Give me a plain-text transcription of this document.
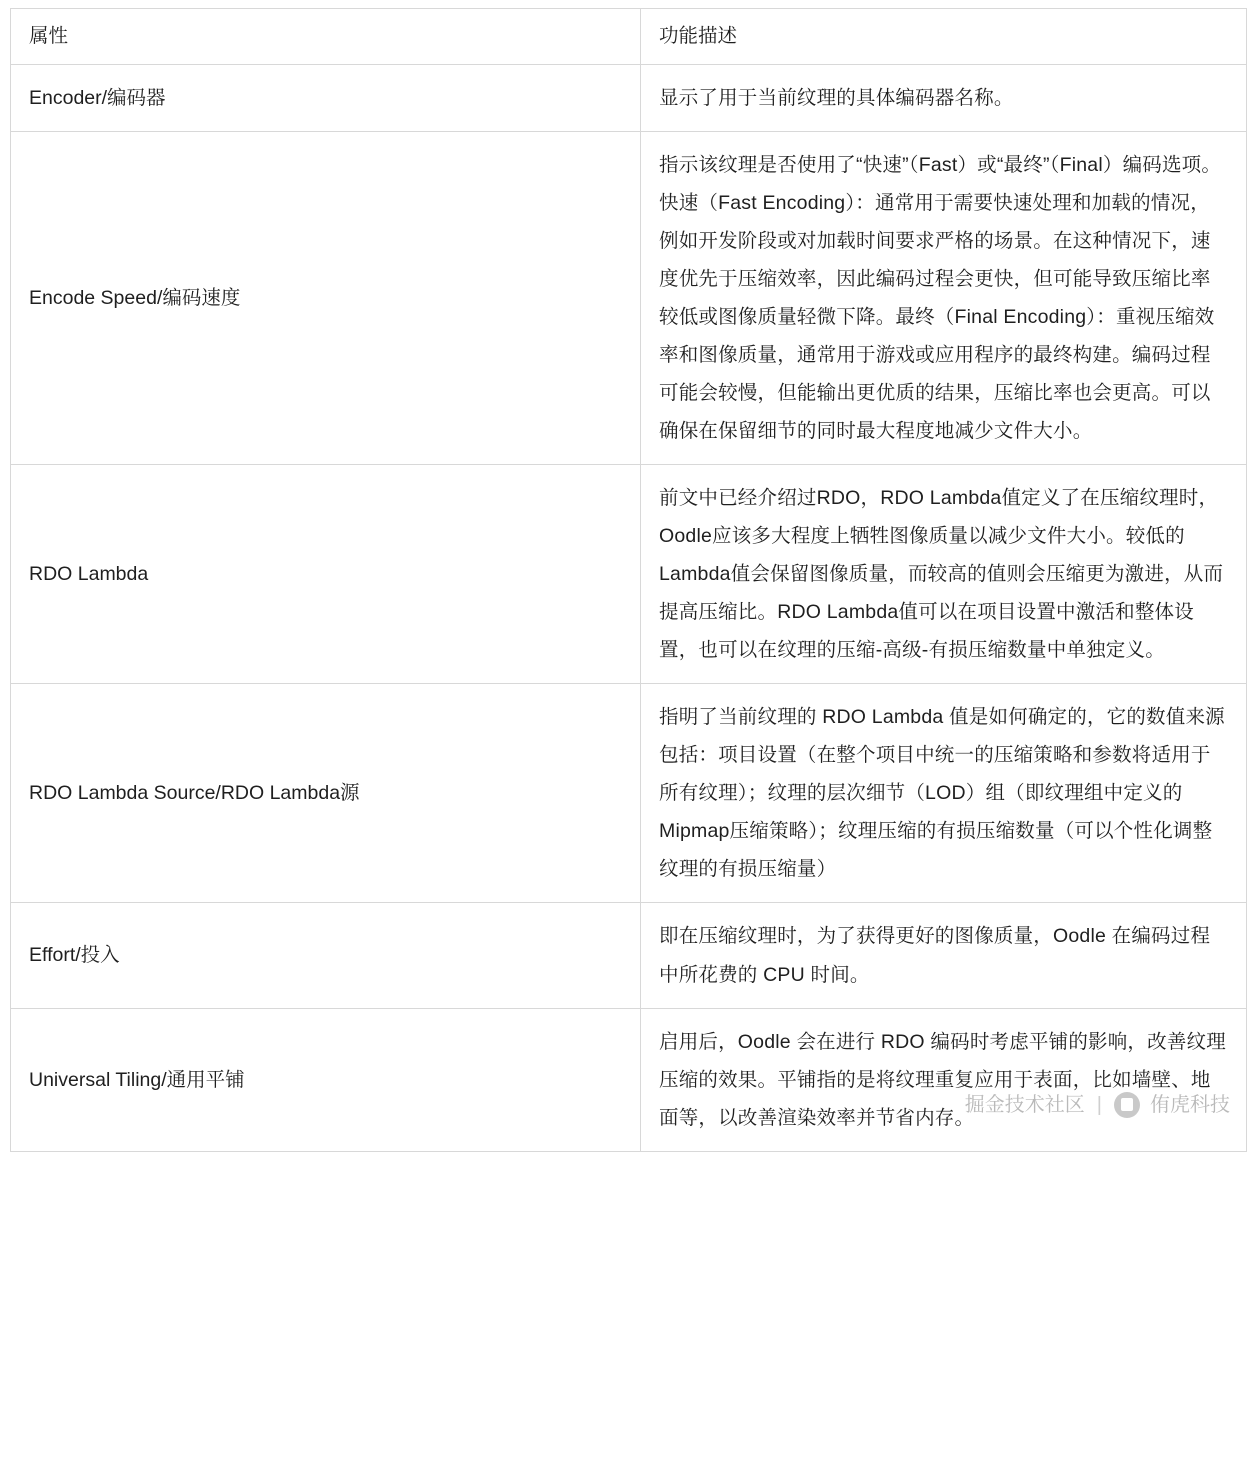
属性	功能描述
Encoder/编码器	显示了用于当前纹理的具体编码器名称。
Encode Speed/编码速度	指示该纹理是否使用了“快速”（Fast）或“最终”（Final）编码选项。快速（Fast Encoding）：通常用于需要快速处理和加载的情况，例如开发阶段或对加载时间要求严格的场景。在这种情况下，速度优先于压缩效率，因此编码过程会更快，但可能导致压缩比率较低或图像质量轻微下降。最终（Final Encoding）：重视压缩效率和图像质量，通常用于游戏或应用程序的最终构建。编码过程可能会较慢，但能输出更优质的结果，压缩比率也会更高。可以确保在保留细节的同时最大程度地减少文件大小。
RDO Lambda	前文中已经介绍过RDO，RDO Lambda值定义了在压缩纹理时，Oodle应该多大程度上牺牲图像质量以减少文件大小。较低的Lambda值会保留图像质量，而较高的值则会压缩更为激进，从而提高压缩比。RDO Lambda值可以在项目设置中激活和整体设置，也可以在纹理的压缩-高级-有损压缩数量中单独定义。
RDO Lambda Source/RDO Lambda源	指明了当前纹理的 RDO Lambda 值是如何确定的，它的数值来源包括：项目设置（在整个项目中统一的压缩策略和参数将适用于所有纹理）；纹理的层次细节（LOD）组（即纹理组中定义的Mipmap压缩策略）；纹理压缩的有损压缩数量（可以个性化调整纹理的有损压缩量）
Effort/投入	即在压缩纹理时，为了获得更好的图像质量，Oodle 在编码过程中所花费的 CPU 时间。
Universal Tiling/通用平铺	启用后，Oodle 会在进行 RDO 编码时考虑平铺的影响，改善纹理压缩的效果。平铺指的是将纹理重复应用于表面，比如墙壁、地面等，以改善渲染效率并节省内存。
掘金技术社区 | 侑虎科技
